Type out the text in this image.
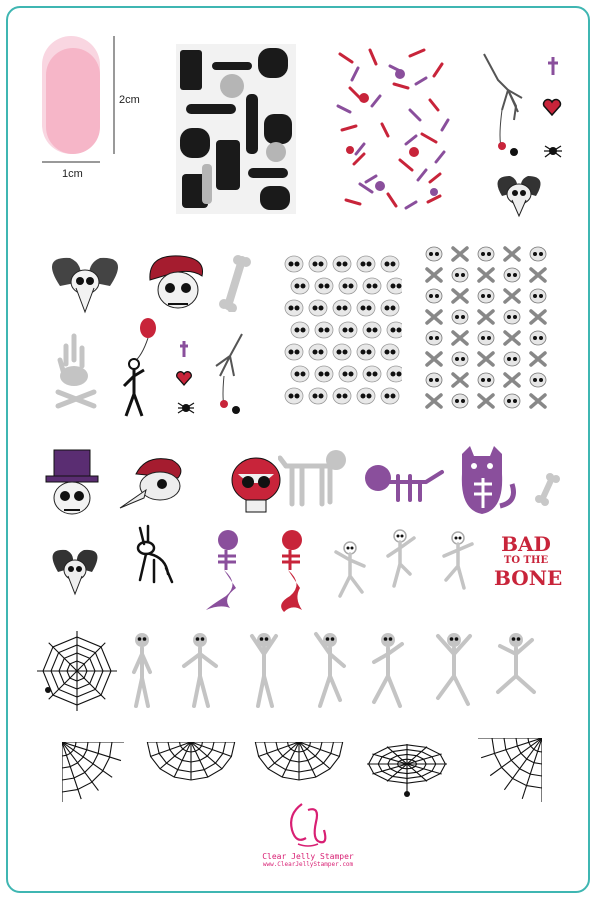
2cm
1cm
BAD
TO THE
BONE
Clear Jelly Stamper
www.ClearJellyStamper.com
